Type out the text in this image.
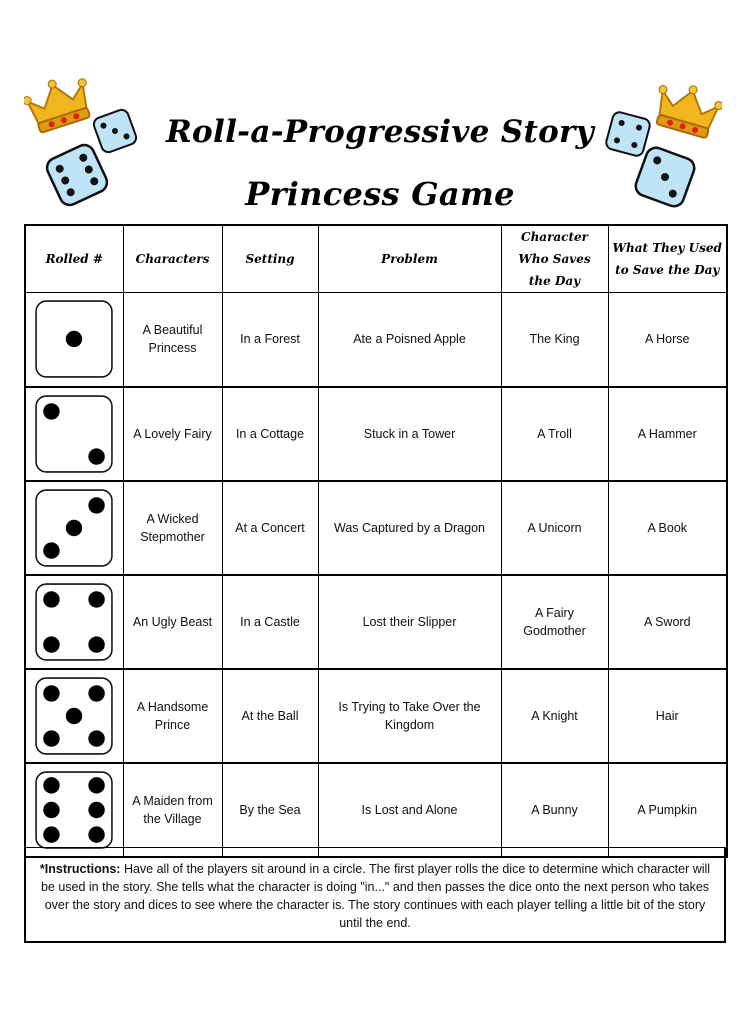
Roll-a-Progressive Story
Princess Game
Rolled #	Characters	Setting	Problem	Character Who Saves the Day	What They Used to Save the Day

	A Beautiful Princess	In a Forest	Ate a Poisned Apple	The King	A Horse

	A Lovely Fairy	In a Cottage	Stuck in a Tower	A Troll	A Hammer

	A Wicked Stepmother	At a Concert	Was Captured by a Dragon	A Unicorn	A Book

	An Ugly Beast	In a Castle	Lost their Slipper	A Fairy Godmother	A Sword

	A Handsome Prince	At the Ball	Is Trying to Take Over the Kingdom	A Knight	Hair

	A Maiden from the Village	By the Sea	Is Lost and Alone	A Bunny	A Pumpkin
*Instructions: Have all of the players sit around in a circle. The first player rolls the dice to determine which character will be used in the story. She tells what the character is doing "in..." and then passes the dice onto the next person who takes over the story and dices to see where the character is. The story continues with each player telling a little bit of the story until the end.
